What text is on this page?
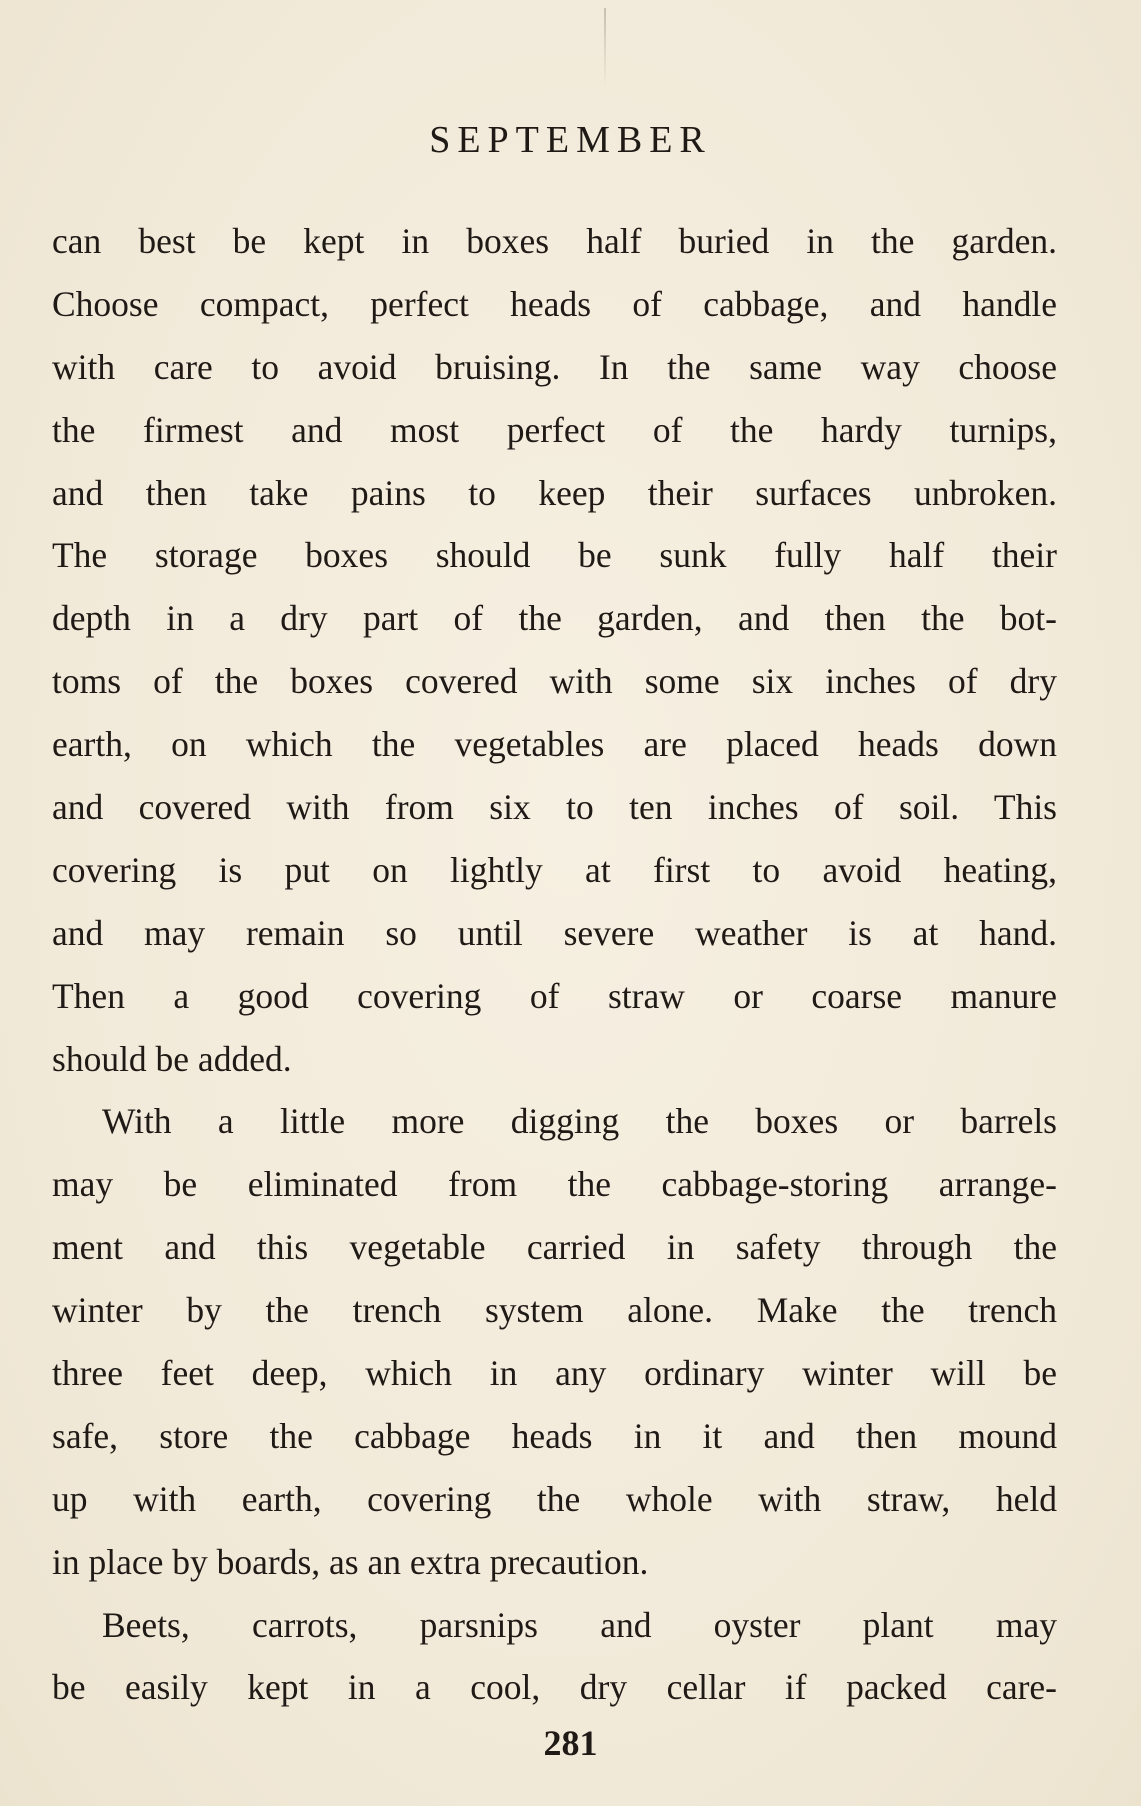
SEPTEMBER
can best be kept in boxes half buried in the garden.
Choose compact, perfect heads of cabbage, and handle
with care to avoid bruising. In the same way choose
the firmest and most perfect of the hardy turnips,
and then take pains to keep their surfaces unbroken.
The storage boxes should be sunk fully half their
depth in a dry part of the garden, and then the bot-
toms of the boxes covered with some six inches of dry
earth, on which the vegetables are placed heads down
and covered with from six to ten inches of soil. This
covering is put on lightly at first to avoid heating,
and may remain so until severe weather is at hand.
Then a good covering of straw or coarse manure
should be added.
With a little more digging the boxes or barrels
may be eliminated from the cabbage-storing arrange-
ment and this vegetable carried in safety through the
winter by the trench system alone. Make the trench
three feet deep, which in any ordinary winter will be
safe, store the cabbage heads in it and then mound
up with earth, covering the whole with straw, held
in place by boards, as an extra precaution.
Beets, carrots, parsnips and oyster plant may
be easily kept in a cool, dry cellar if packed care-
281
